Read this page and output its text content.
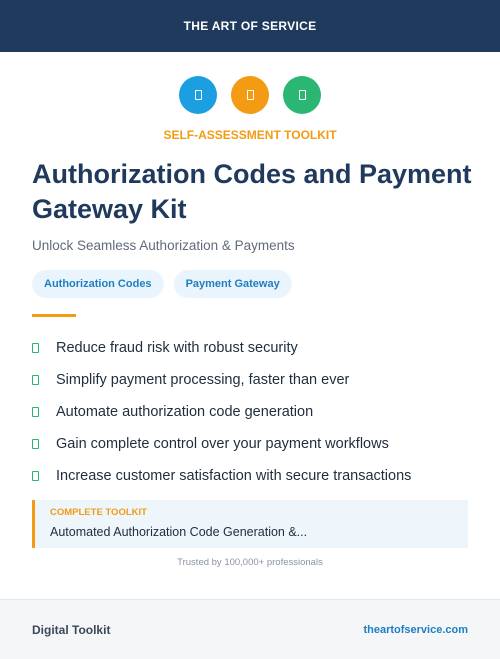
THE ART OF SERVICE
SELF-ASSESSMENT TOOLKIT
Authorization Codes and Payment Gateway Kit
Unlock Seamless Authorization & Payments
Authorization Codes	Payment Gateway
Reduce fraud risk with robust security
Simplify payment processing, faster than ever
Automate authorization code generation
Gain complete control over your payment workflows
Increase customer satisfaction with secure transactions
COMPLETE TOOLKIT
Automated Authorization Code Generation &...
Trusted by 100,000+ professionals
Digital Toolkit	theartofservice.com
